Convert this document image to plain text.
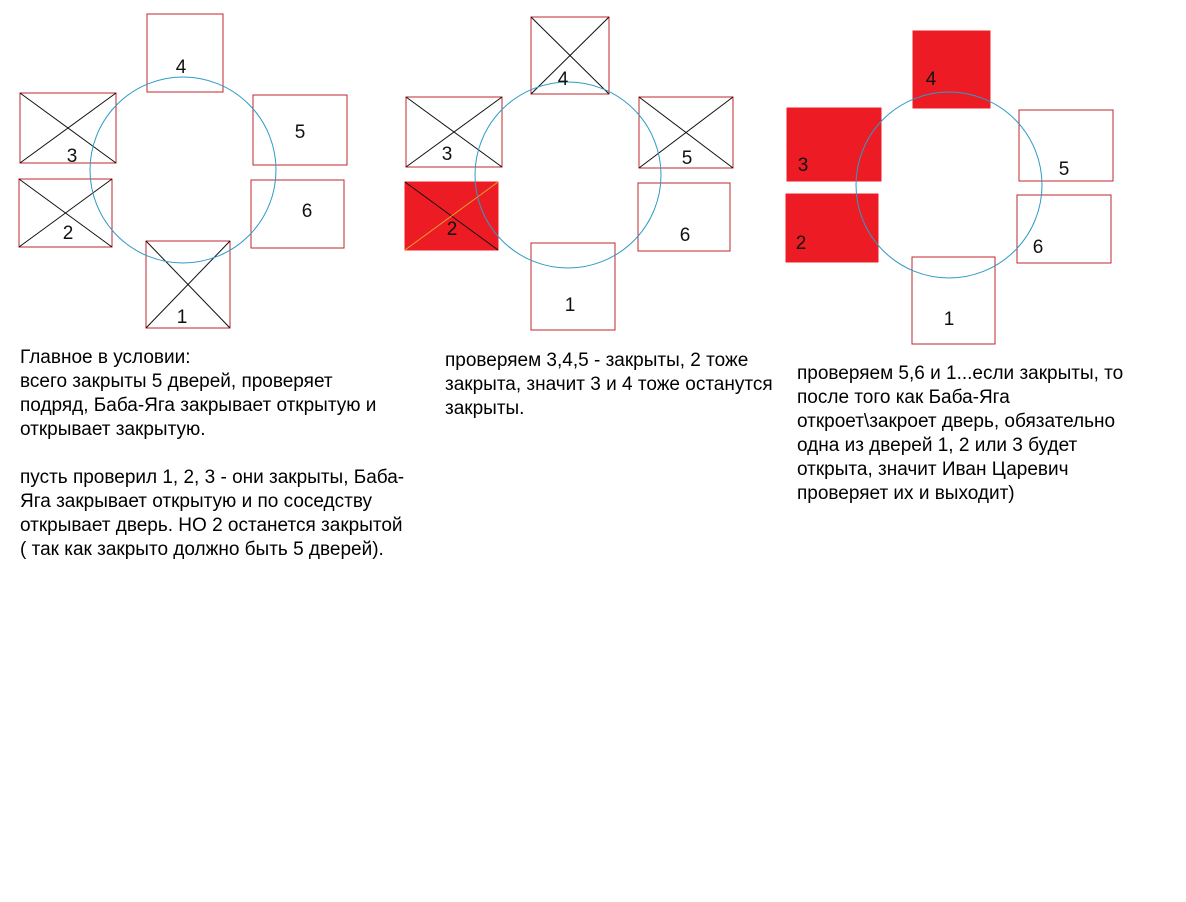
4
3
5
2
6
1
4
3	5
2	6
1
4
3	5
2	6
1
Главное в условии:
всего закрыты 5 дверей, проверяет подряд, Баба-Яга закрывает открытую и открывает закрытую.

пусть проверил 1, 2, 3 - они закрыты, Баба-Яга закрывает открытую и по соседству открывает дверь. НО 2 останется закрытой ( так как закрыто должно быть 5 дверей).
проверяем 3,4,5 - закрыты, 2 тоже закрыта, значит 3 и 4 тоже останутся закрыты.
проверяем 5,6 и 1...если закрыты, то после того как Баба-Яга откроет\закроет дверь, обязательно одна из дверей 1, 2 или 3 будет открыта, значит Иван Царевич проверяет их и выходит)
